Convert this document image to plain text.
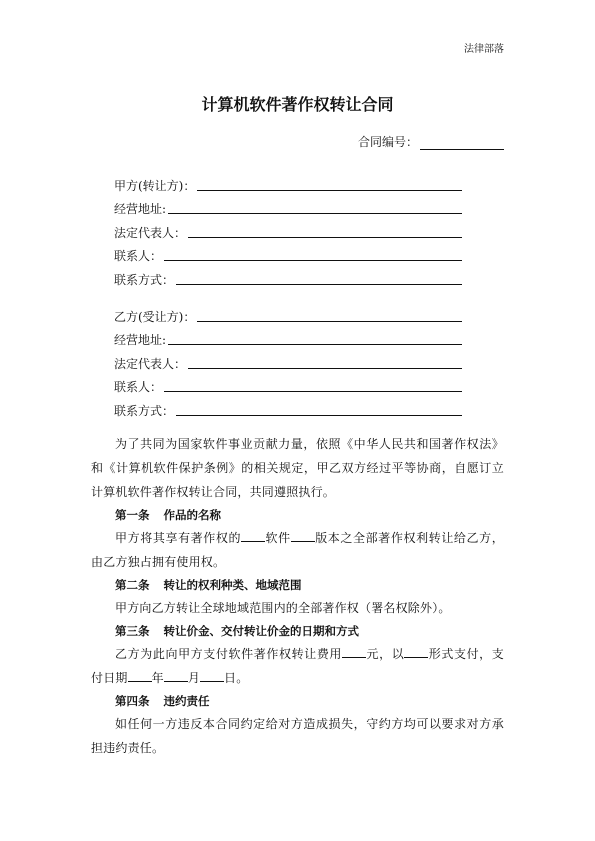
法律部落
计算机软件著作权转让合同
合同编号：
甲方(转让方)：
经营地址:
法定代表人：
联系人：
联系方式：
乙方(受让方)：
经营地址:
法定代表人：
联系人：
联系方式：
为了共同为国家软件事业贡献力量，依照《中华人民共和国著作权法》和《计算机软件保护条例》的相关规定，甲乙双方经过平等协商，自愿订立计算机软件著作权转让合同，共同遵照执行。
第一条 作品的名称
甲方将其享有著作权的 软件 版本之全部著作权利转让给乙方，由乙方独占拥有使用权。
第二条 转让的权利种类、地域范围
甲方向乙方转让全球地域范围内的全部著作权（署名权除外）。
第三条 转让价金、交付转让价金的日期和方式
乙方为此向甲方支付软件著作权转让费用 元，以 形式支付，支付日期 年 月 日。
第四条 违约责任
如任何一方违反本合同约定给对方造成损失，守约方均可以要求对方承担违约责任。
